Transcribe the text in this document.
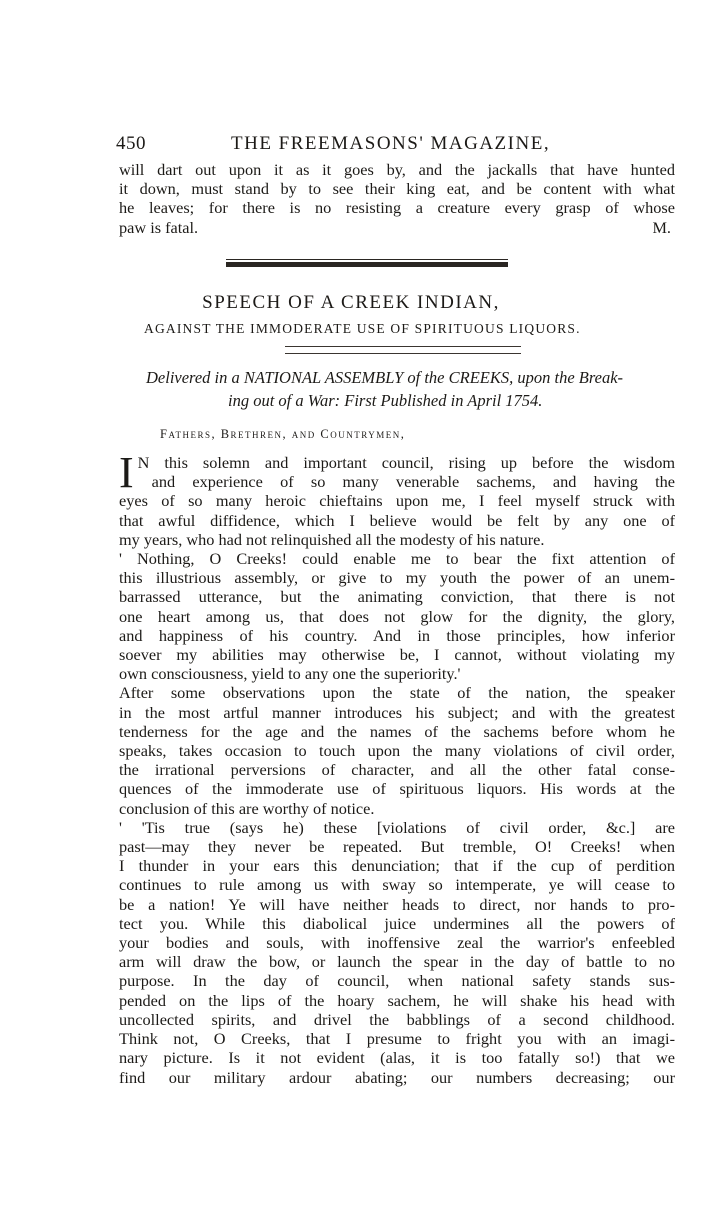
450	THE FREEMASONS' MAGAZINE,
will dart out upon it as it goes by, and the jackalls that have hunted
it down, must stand by to see their king eat, and be content with what
he leaves; for there is no resisting a creature every grasp of whose
paw is fatal.	M.
SPEECH OF A CREEK INDIAN,
AGAINST THE IMMODERATE USE OF SPIRITUOUS LIQUORS.
Delivered in a NATIONAL ASSEMBLY of the CREEKS, upon the Break-
ing out of a War: First Published in April 1754.
Fathers, Brethren, and Countrymen,
I N this solemn and important council, rising up before the wisdom
and experience of so many venerable sachems, and having the
eyes of so many heroic chieftains upon me, I feel myself struck with
that awful diffidence, which I believe would be felt by any one of
my years, who had not relinquished all the modesty of his nature.
' Nothing, O Creeks! could enable me to bear the fixt attention of
this illustrious assembly, or give to my youth the power of an unem-
barrassed utterance, but the animating conviction, that there is not
one heart among us, that does not glow for the dignity, the glory,
and happiness of his country. And in those principles, how inferior
soever my abilities may otherwise be, I cannot, without violating my
own consciousness, yield to any one the superiority.'
After some observations upon the state of the nation, the speaker
in the most artful manner introduces his subject; and with the greatest
tenderness for the age and the names of the sachems before whom he
speaks, takes occasion to touch upon the many violations of civil order,
the irrational perversions of character, and all the other fatal conse-
quences of the immoderate use of spirituous liquors. His words at the
conclusion of this are worthy of notice.
' 'Tis true (says he) these [violations of civil order, &c.] are
past—may they never be repeated. But tremble, O! Creeks! when
I thunder in your ears this denunciation; that if the cup of perdition
continues to rule among us with sway so intemperate, ye will cease to
be a nation! Ye will have neither heads to direct, nor hands to pro-
tect you. While this diabolical juice undermines all the powers of
your bodies and souls, with inoffensive zeal the warrior's enfeebled
arm will draw the bow, or launch the spear in the day of battle to no
purpose. In the day of council, when national safety stands sus-
pended on the lips of the hoary sachem, he will shake his head with
uncollected spirits, and drivel the babblings of a second childhood.
Think not, O Creeks, that I presume to fright you with an imagi-
nary picture. Is it not evident (alas, it is too fatally so!) that we
find our military ardour abating; our numbers decreasing; our
